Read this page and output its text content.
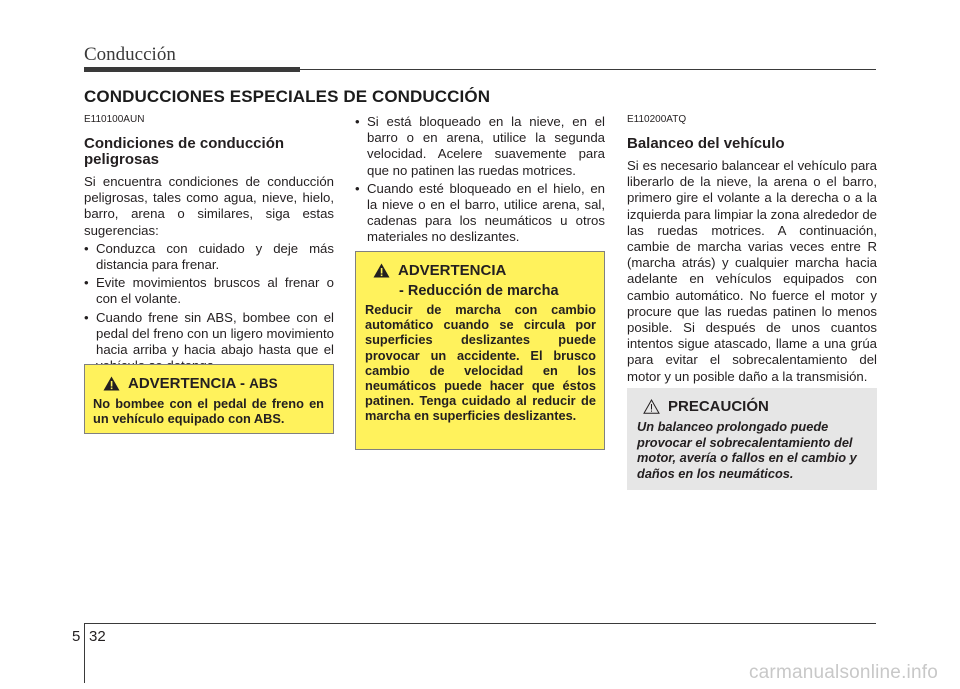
Conducción
CONDUCCIONES ESPECIALES DE CONDUCCIÓN

E110100AUN

Condiciones de conducción peligrosas

Si encuentra condiciones de conducción peligrosas, tales como agua, nieve, hielo, barro, arena o similares, siga estas sugerencias:

• Conduzca con cuidado y deje más distancia para frenar.
• Evite movimientos bruscos al frenar o con el volante.
• Cuando frene sin ABS, bombee con el pedal del freno con un ligero movimiento hacia arriba y hacia abajo hasta que el
ADVERTENCIA - ABS
No bombee con el pedal de freno en un vehículo equipado con ABS.
• Si está bloqueado en la nieve, en el barro o en arena, utilice la segunda velocidad. Acelere suavemente para que no patinen las ruedas motrices.
• Cuando esté bloqueado en el hielo, en la nieve o en el barro, utilice arena, sal, cadenas para los neumáticos u otros materiales no deslizantes.
ADVERTENCIA
- Reducción de marcha
Reducir de marcha con cambio automático cuando se circula por superficies deslizantes puede provocar un accidente. El brusco cambio de velocidad en los neumáticos puede hacer que éstos patinen. Tenga cuidado al reducir de marcha en superficies deslizantes.

E110200ATQ

Balanceo del vehículo

Si es necesario balancear el vehículo para liberarlo de la nieve, la arena o el barro, primero gire el volante a la derecha o a la izquierda para limpiar la zona alrededor de las ruedas motrices. A continuación, cambie de marcha varias veces entre R (marcha atrás) y cualquier marcha hacia adelante en vehículos equipados con cambio automático. No fuerce el motor y procure que las ruedas patinen lo menos posible. Si después de unos cuantos intentos sigue atascado, llame a una grúa para evitar el sobrecalentamiento del motor y un posible daño a la transmisión.

PRECAUCIÓN
Un balanceo prolongado puede provocar el sobrecalentamiento del motor, avería o fallos en el cambio y daños en los neumáticos.
5 32
carmanualsonline.info
